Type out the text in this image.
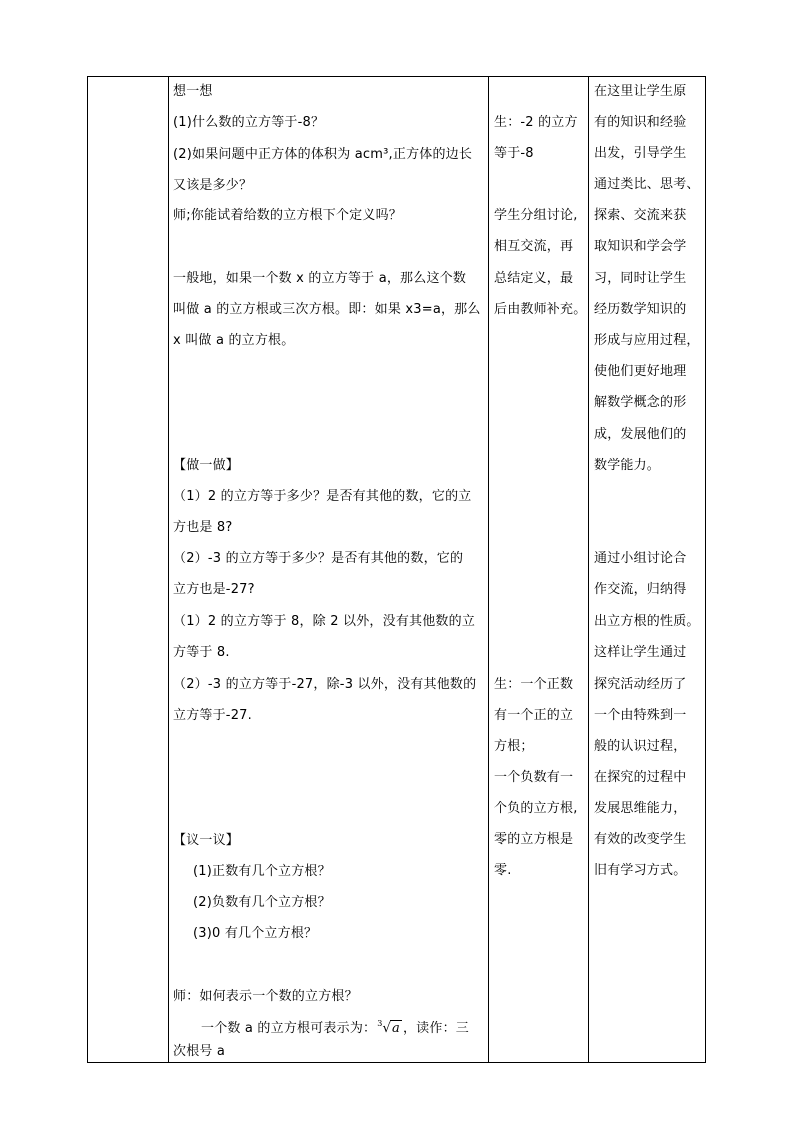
想一想
(1)什么数的立方等于-8？
(2)如果问题中正方体的体积为 acm³,正方体的边长
又该是多少？
师;你能试着给数的立方根下个定义吗？
一般地，如果一个数 x 的立方等于 a，那么这个数
叫做 a 的立方根或三次方根。即：如果 x3=a，那么
x 叫做 a 的立方根。
【做一做】
（1）2 的立方等于多少？是否有其他的数，它的立
方也是 8?
（2）-3 的立方等于多少？是否有其他的数，它的
立方也是-27?
（1）2 的立方等于 8，除 2 以外，没有其他数的立
方等于 8.
（2）-3 的立方等于-27，除-3 以外，没有其他数的
立方等于-27.
【议一议】
(1)正数有几个立方根？
(2)负数有几个立方根？
(3)0 有几个立方根？
师：如何表示一个数的立方根？
一个数 a 的立方根可表示为：$^3$√a ，读作：三
次根号 a
生：-2 的立方
等于-8
学生分组讨论,
相互交流，再
总结定义，最
后由教师补充。
生：一个正数
有一个正的立
方根；
一个负数有一
个负的立方根,
零的立方根是
零.
在这里让学生原
有的知识和经验
出发，引导学生
通过类比、思考、
探索、交流来获
取知识和学会学
习，同时让学生
经历数学知识的
形成与应用过程，
使他们更好地理
解数学概念的形
成，发展他们的
数学能力。
通过小组讨论合
作交流，归纳得
出立方根的性质。
这样让学生通过
探究活动经历了
一个由特殊到一
般的认识过程，
在探究的过程中
发展思维能力，
有效的改变学生
旧有学习方式。
